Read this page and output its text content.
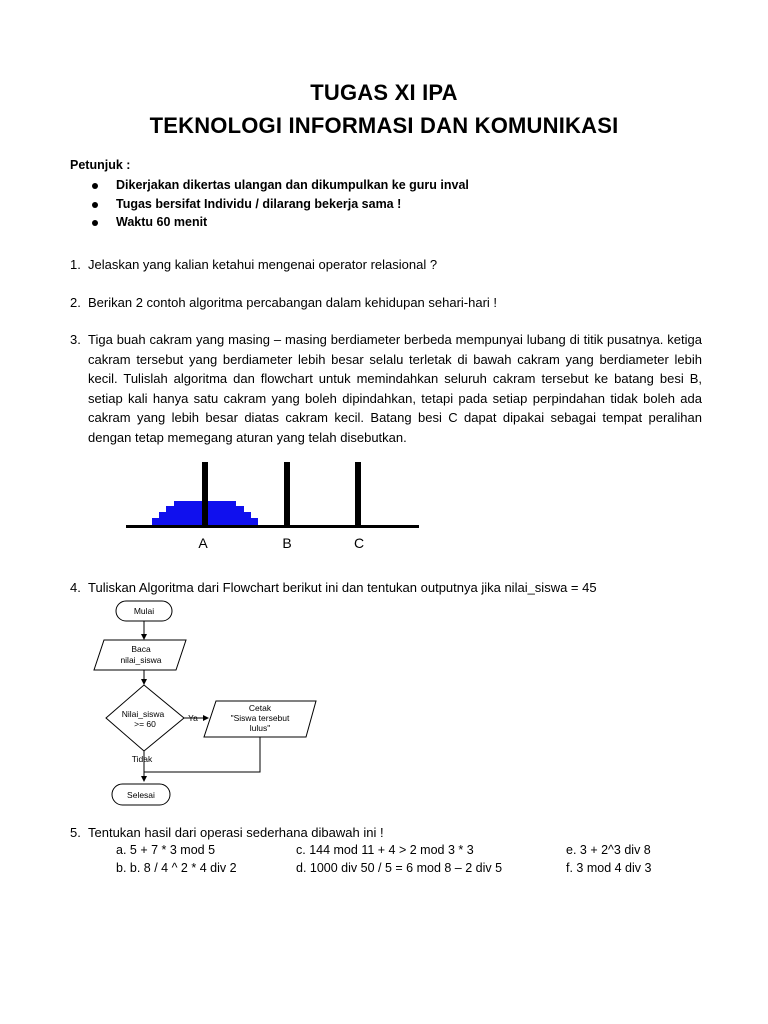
TUGAS XI IPA
TEKNOLOGI INFORMASI DAN KOMUNIKASI
Petunjuk :
Dikerjakan dikertas ulangan dan dikumpulkan ke guru inval
Tugas bersifat Individu / dilarang bekerja sama !
Waktu 60 menit
1. Jelaskan yang kalian ketahui mengenai operator relasional ?
2. Berikan 2 contoh algoritma percabangan dalam kehidupan sehari-hari !
3. Tiga buah cakram yang masing – masing berdiameter berbeda mempunyai lubang di titik pusatnya. ketiga cakram tersebut yang berdiameter lebih besar selalu terletak di bawah cakram yang berdiameter lebih kecil. Tulislah algoritma dan flowchart untuk memindahkan seluruh cakram tersebut ke batang besi B, setiap kali hanya satu cakram yang boleh dipindahkan, tetapi pada setiap perpindahan tidak boleh ada cakram yang lebih besar diatas cakram kecil. Batang besi C dapat dipakai sebagai tempat peralihan dengan tetap memegang aturan yang telah disebutkan.
A	B	C
4. Tuliskan Algoritma dari Flowchart berikut ini dan tentukan outputnya jika nilai_siswa = 45
Mulai
Baca
nilai_siswa
Nilai_siswa
>= 60
Ya
Cetak
"Siswa tersebut
lulus"
Tidak
Selesai
5. Tentukan hasil dari operasi sederhana dibawah ini !
a. 5 + 7 * 3 mod 5
b. b. 8 / 4 ^ 2 * 4 div 2
c. 144 mod 11 + 4 > 2 mod 3 * 3
d. 1000 div 50 / 5 = 6 mod 8 – 2 div 5
e. 3 + 2^3 div 8
f. 3 mod 4 div 3
